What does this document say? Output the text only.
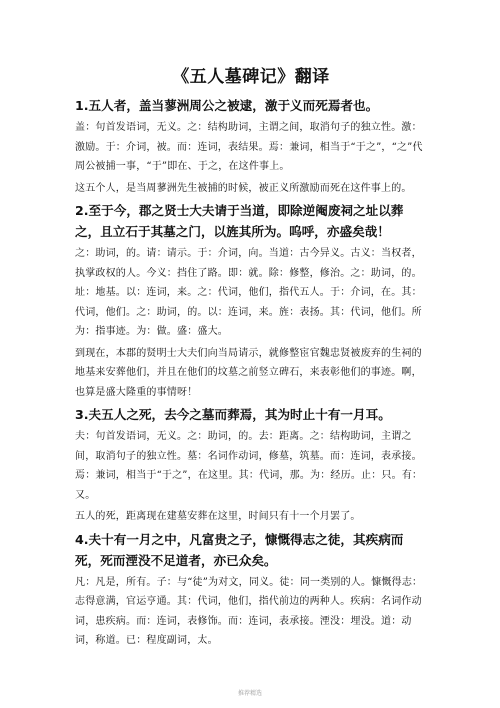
《五人墓碑记》翻译
1.五人者，盖当蓼洲周公之被逮，激于义而死焉者也。
盖：句首发语词，无义。之：结构助词，主谓之间，取消句子的独立性。激：激励。于：介词，被。而：连词，表结果。焉：兼词，相当于“于之”，“之”代周公被捕一事，“于”即在、于之，在这件事上。
这五个人，是当周蓼洲先生被捕的时候，被正义所激励而死在这件事上的。
2.至于今，郡之贤士大夫请于当道，即除逆阉废祠之址以葬之，且立石于其墓之门，以旌其所为。呜呼，亦盛矣哉！
之：助词，的。请：请示。于：介词，向。当道：古今异义。古义：当权者，执掌政权的人。今义：挡住了路。即：就。除：修整，修治。之：助词，的。址：地基。以：连词，来。之：代词，他们，指代五人。于：介词，在。其：代词，他们。之：助词，的。以：连词，来。旌：表扬。其：代词，他们。所为：指事迹。为：做。盛：盛大。
到现在，本郡的贤明士大夫们向当局请示，就修整宦官魏忠贤被废弃的生祠的地基来安葬他们，并且在他们的坟墓之前竖立碑石，来表彰他们的事迹。啊，也算是盛大隆重的事情呀！
3.夫五人之死，去今之墓而葬焉，其为时止十有一月耳。
夫：句首发语词，无义。之：助词，的。去：距离。之：结构助词，主谓之间，取消句子的独立性。墓：名词作动词，修墓，筑墓。而：连词，表承接。焉：兼词，相当于“于之”，在这里。其：代词，那。为：经历。止：只。有：又。
五人的死，距离现在建墓安葬在这里，时间只有十一个月罢了。
4.夫十有一月之中，凡富贵之子，慷慨得志之徒，其疾病而死，死而湮没不足道者，亦已众矣。
凡：凡是，所有。子：与“徒”为对文，同义。徒：同一类别的人。慷慨得志：志得意满，官运亨通。其：代词，他们，指代前边的两种人。疾病：名词作动词，患疾病。而：连词，表修饰。而：连词，表承接。湮没：埋没。道：动词，称道。已：程度副词，太。
推荐精选
